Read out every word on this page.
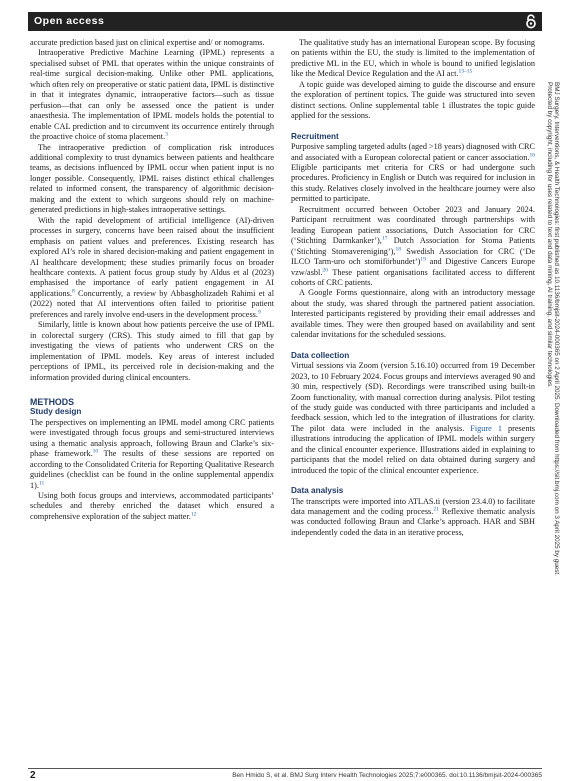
Open access

accurate prediction based just on clinical expertise and/ or nomograms.

Intraoperative Predictive Machine Learning (IPML) represents a specialised subset of PML that operates within the unique constraints of real-time surgical decision-making. Unlike other PML applications, which often rely on preoperative or static patient data, IPML is distinctive in that it integrates dynamic, intraoperative factors—such as tissue perfusion—that can only be assessed once the patient is under anaesthesia. The implementation of IPML models holds the potential to enable CAL prediction and to circumvent its occurrence entirely through the proactive choice of stoma placement.$^3$

The intraoperative prediction of complication risk introduces additional complexity to trust dynamics between patients and healthcare teams, as decisions influenced by IPML occur when patient input is no longer possible. Consequently, IPML raises distinct ethical challenges related to informed consent, the transparency of algorithmic decision-making and the extent to which surgeons should rely on machine-generated predictions in high-stakes intraoperative settings.

With the rapid development of artificial intelligence (AI)-driven processes in surgery, concerns have been raised about the insufficient emphasis on patient values and preferences. Existing research has explored AI’s role in shared decision-making and patient engagement in AI healthcare development; these studies primarily focus on broader healthcare contexts. A patient focus group study by Aldus et al (2023) emphasised the importance of early patient engagement in AI applications.$^8$ Concurrently, a review by Abbasgholizadeh Rahimi et al (2022) noted that AI interventions often failed to prioritise patient preferences and rarely involve end-users in the development process.$^9$

Similarly, little is known about how patients perceive the use of IPML in colorectal surgery (CRS). This study aimed to fill that gap by investigating the views of patients who underwent CRS on the implementation of IPML models. Key areas of interest included perceptions of IPML, its perceived role in decision-making and the information provided during clinical encounters.

METHODS
Study design

The perspectives on implementing an IPML model among CRC patients were investigated through focus groups and semi-structured interviews using a thematic analysis approach, following Braun and Clarke’s six-phase framework.$^{10}$ The results of these sessions are reported on according to the Consolidated Criteria for Reporting Qualitative Research guidelines (checklist can be found in the online supplemental appendix 1).$^{11}$

Using both focus groups and interviews, accommodated participants’ schedules and thereby enriched the dataset which ensured a comprehensive exploration of the subject matter.$^{12}$

The qualitative study has an international European scope. By focusing on patients within the EU, the study is limited to the implementation of predictive ML in the EU, which in whole is bound to unified legislation like the Medical Device Regulation and the AI act.$^{13-15}$

A topic guide was developed aiming to guide the discourse and ensure the exploration of pertinent topics. The guide was structured into seven distinct sections. Online supplemental table 1 illustrates the topic guide applied for the sessions.

Recruitment

Purposive sampling targeted adults (aged >18 years) diagnosed with CRC and associated with a European colorectal patient or cancer association.$^{16}$ Eligible participants met criteria for CRS or had undergone such procedures. Proficiency in English or Dutch was required for inclusion in this study. Relatives closely involved in the healthcare journey were also permitted to participate.

Recruitment occurred between October 2023 and January 2024. Participant recruitment was coordinated through partnerships with leading European patient associations, Dutch Association for CRC (‘Stichting Darmkanker’),$^{17}$ Dutch Association for Stoma Patients (‘Stichting Stomavereniging’),$^{18}$ Swedish Association for CRC (‘De ILCO Tarm-uro och stomiförbundet’)$^{19}$ and Digestive Cancers Europe vzw/asbl.$^{20}$ These patient organisations facilitated access to different cohorts of CRC patients.

A Google Forms questionnaire, along with an introductory message about the study, was shared through the partnered patient association. Interested participants registered by providing their email addresses and available times. They were then grouped based on availability and sent calendar invitations for the scheduled sessions.

Data collection

Virtual sessions via Zoom (version 5.16.10) occurred from 19 December 2023, to 10 February 2024. Focus groups and interviews averaged 90 and 30 min, respectively (SD). Recordings were transcribed using built-in Zoom functionality, with manual correction during analysis. Pilot testing of the study guide was conducted with three participants and included a feedback session, which led to the integration of illustrations for clarity. The pilot data were included in the analysis. Figure 1 presents illustrations introducing the application of IPML models within surgery and the clinical encounter experience. Illustrations aided in explaining to participants that the model relied on data obtained during surgery and introduced the topic of the clinical encounter experience.

Data analysis

The transcripts were imported into ATLAS.ti (version 23.4.0) to facilitate data management and the coding process.$^{21}$ Reflexive thematic analysis was conducted following Braun and Clarke’s approach. HAR and SBH independently coded the data in an iterative process,

2	Ben Hmido S, et al. BMJ Surg Interv Health Technologies 2025;7:e000365. doi:10.1136/bmjsit-2024-000365
BMJ Surgery, Interventions, & Health Technologies: first published as 10.1136/bmjsit-2024-000365 on 2 April 2025. Downloaded from https://sit.bmj.com on 3 April 2025 by guest.
Protected by copyright, including for uses related to text and data mining, AI training, and similar technologies.
